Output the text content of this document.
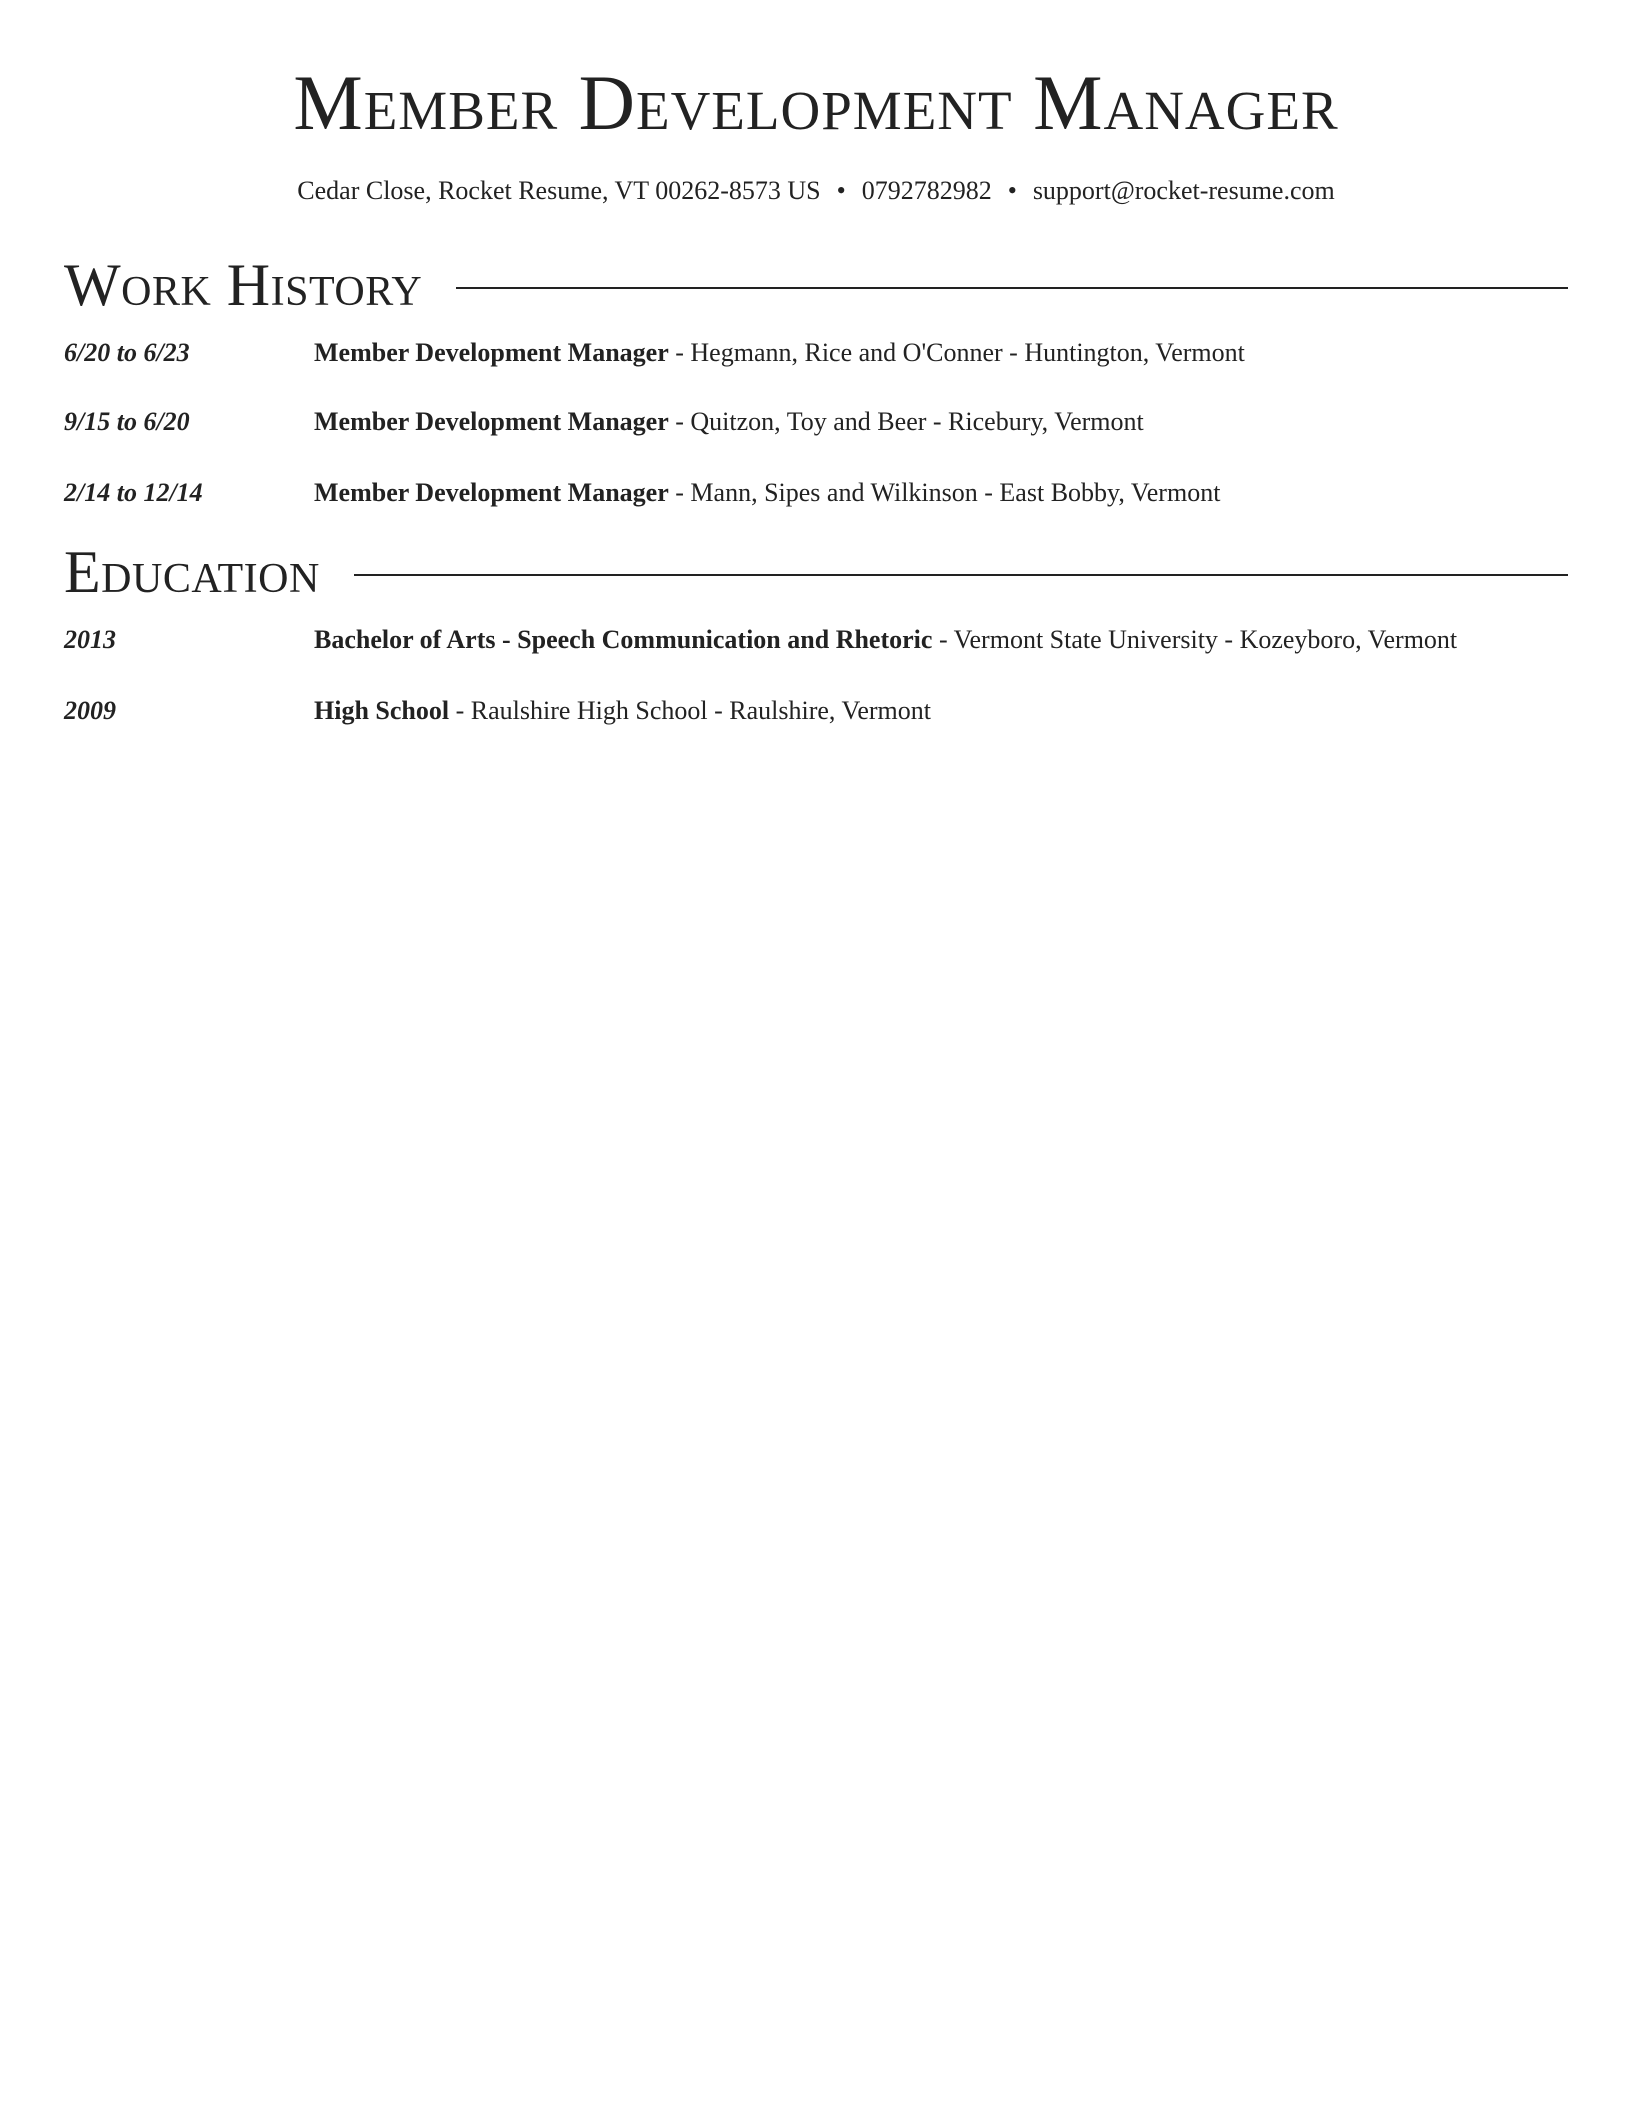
Member Development Manager
Cedar Close, Rocket Resume, VT 00262-8573 US • 0792782982 • support@rocket-resume.com
Work History
6/20 to 6/23	Member Development Manager - Hegmann, Rice and O'Conner - Huntington, Vermont
9/15 to 6/20	Member Development Manager - Quitzon, Toy and Beer - Ricebury, Vermont
2/14 to 12/14	Member Development Manager - Mann, Sipes and Wilkinson - East Bobby, Vermont
Education
2013	Bachelor of Arts - Speech Communication and Rhetoric - Vermont State University - Kozeyboro, Vermont
2009	High School - Raulshire High School - Raulshire, Vermont
